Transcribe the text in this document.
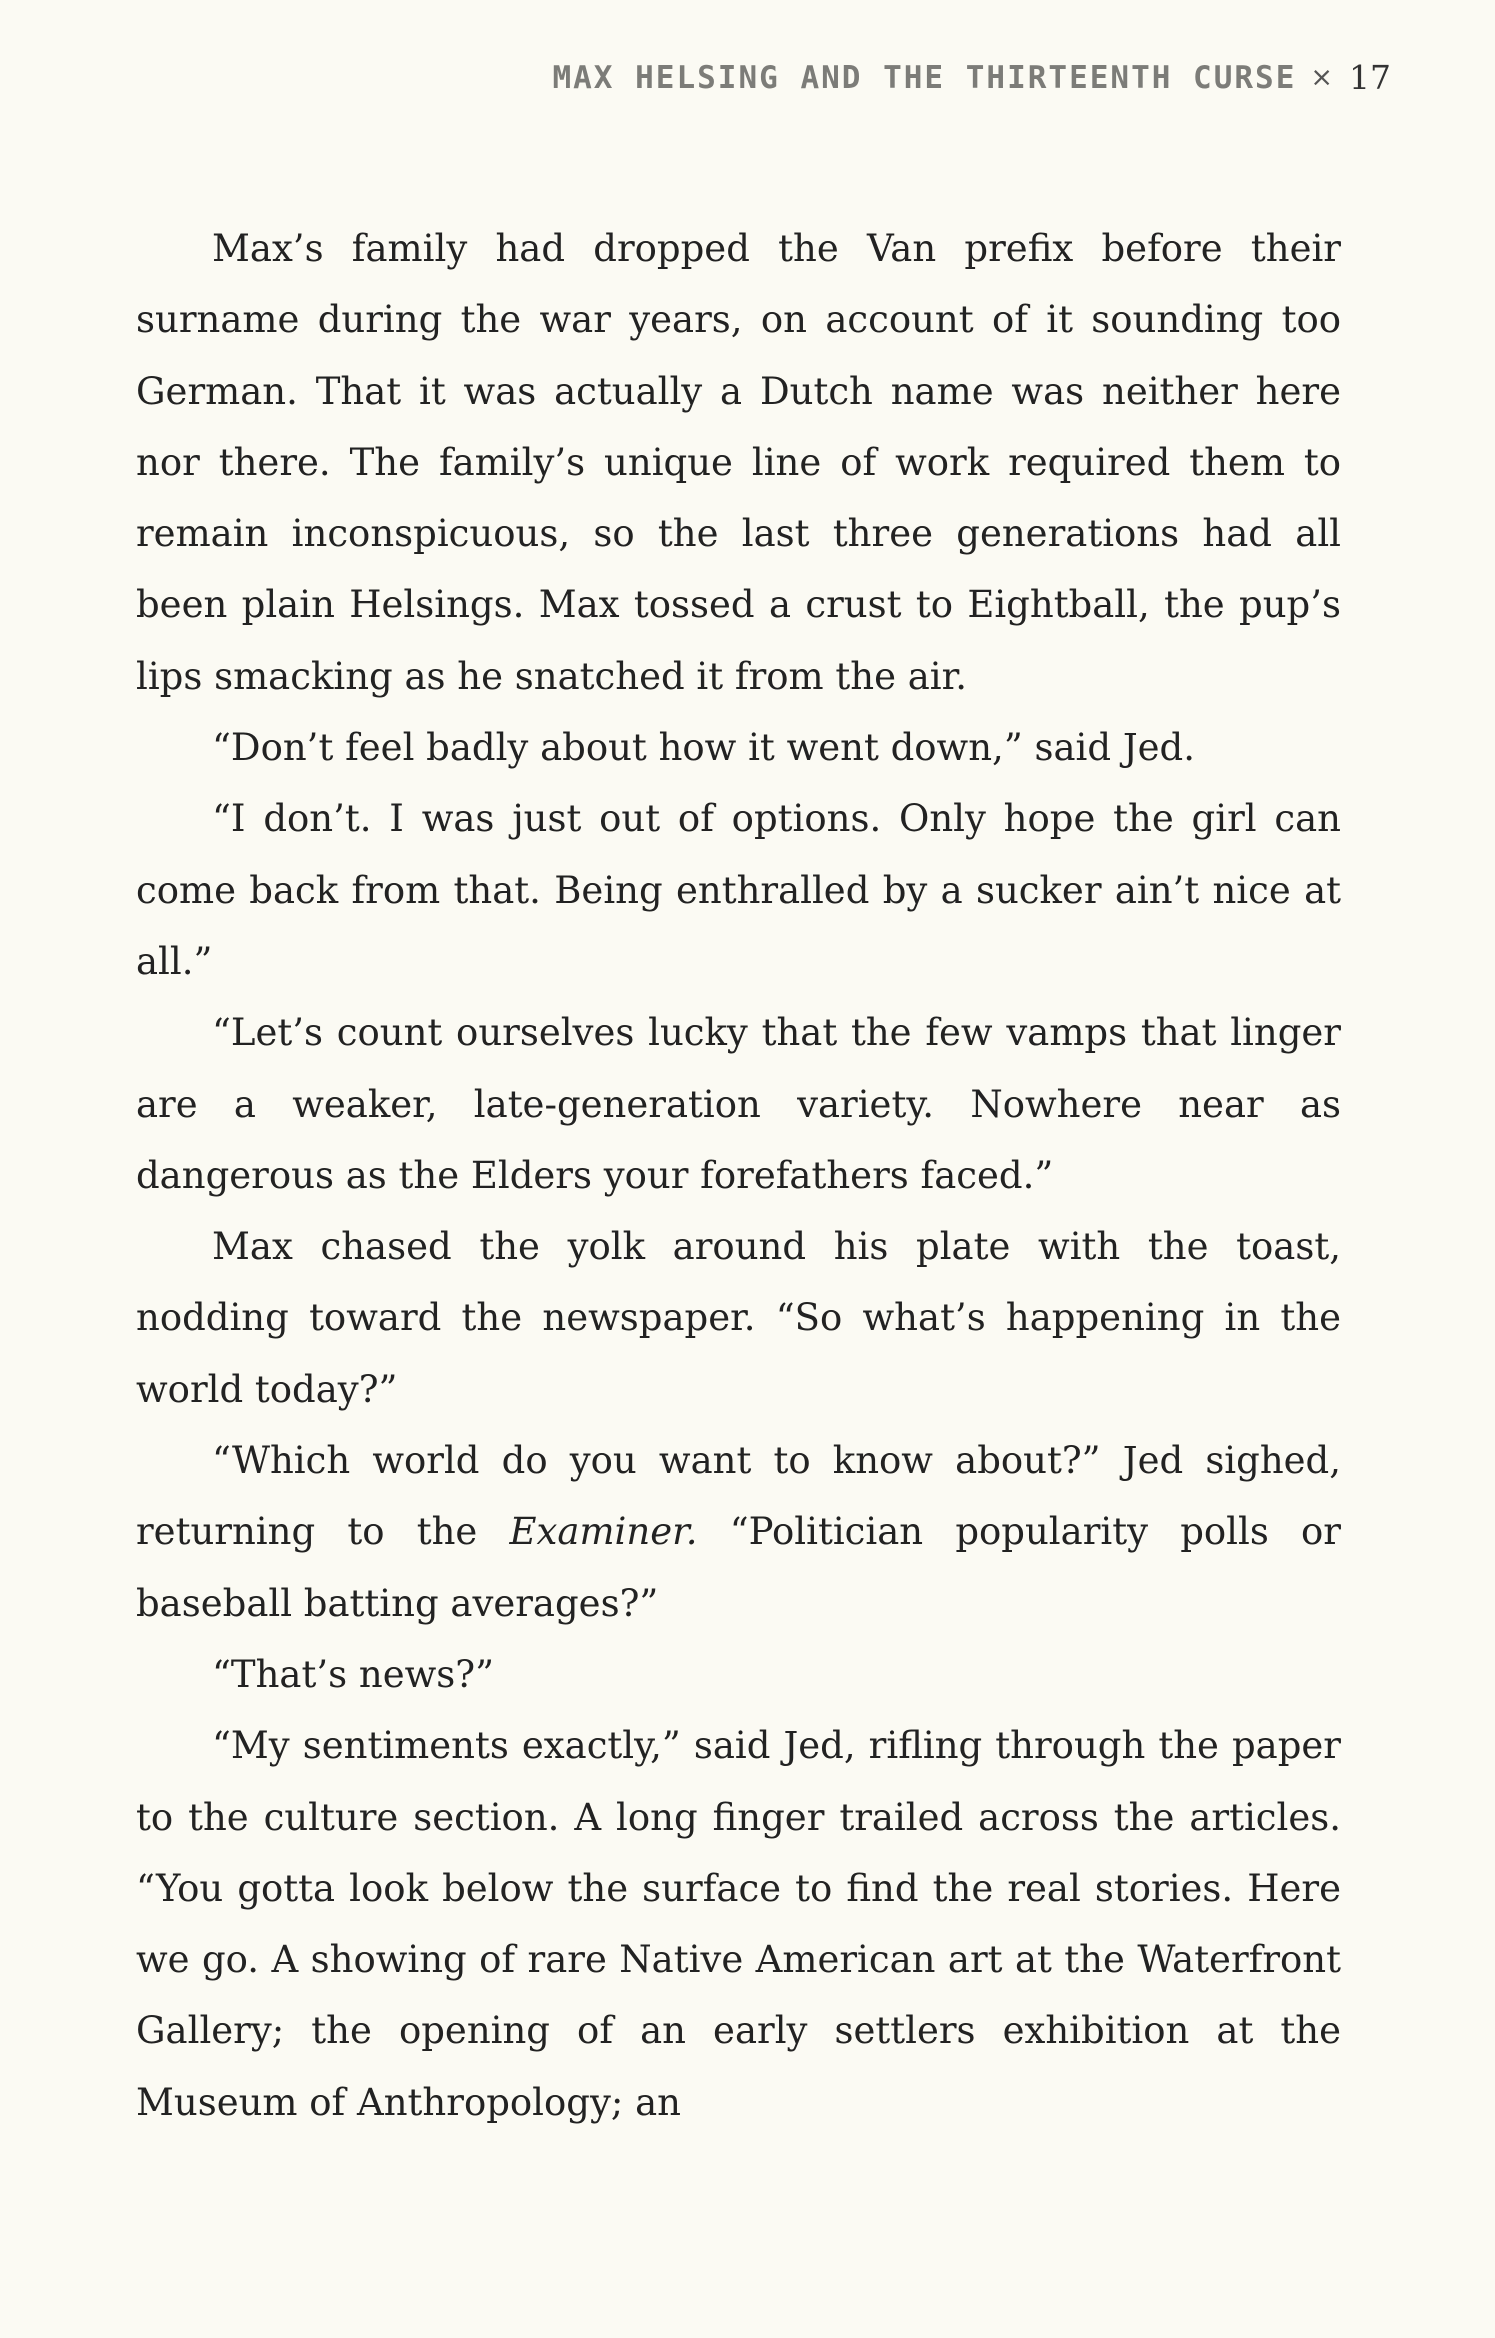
MAX HELSING AND THE THIRTEENTH CURSE × 17

Max’s family had dropped the Van prefix before their surname during the war years, on account of it sounding too German. That it was actually a Dutch name was neither here nor there. The family’s unique line of work required them to remain inconspicuous, so the last three generations had all been plain Helsings. Max tossed a crust to Eightball, the pup’s lips smacking as he snatched it from the air.

“Don’t feel badly about how it went down,” said Jed.

“I don’t. I was just out of options. Only hope the girl can come back from that. Being enthralled by a sucker ain’t nice at all.”

“Let’s count ourselves lucky that the few vamps that linger are a weaker, late-generation variety. Nowhere near as dangerous as the Elders your forefathers faced.”

Max chased the yolk around his plate with the toast, nodding toward the newspaper. “So what’s happening in the world today?”

“Which world do you want to know about?” Jed sighed, returning to the Examiner. “Politician popularity polls or baseball batting averages?”

“That’s news?”

“My sentiments exactly,” said Jed, rifling through the paper to the culture section. A long finger trailed across the articles. “You gotta look below the surface to find the real stories. Here we go. A showing of rare Native American art at the Waterfront Gallery; the opening of an early settlers exhibition at the Museum of Anthropology; an
